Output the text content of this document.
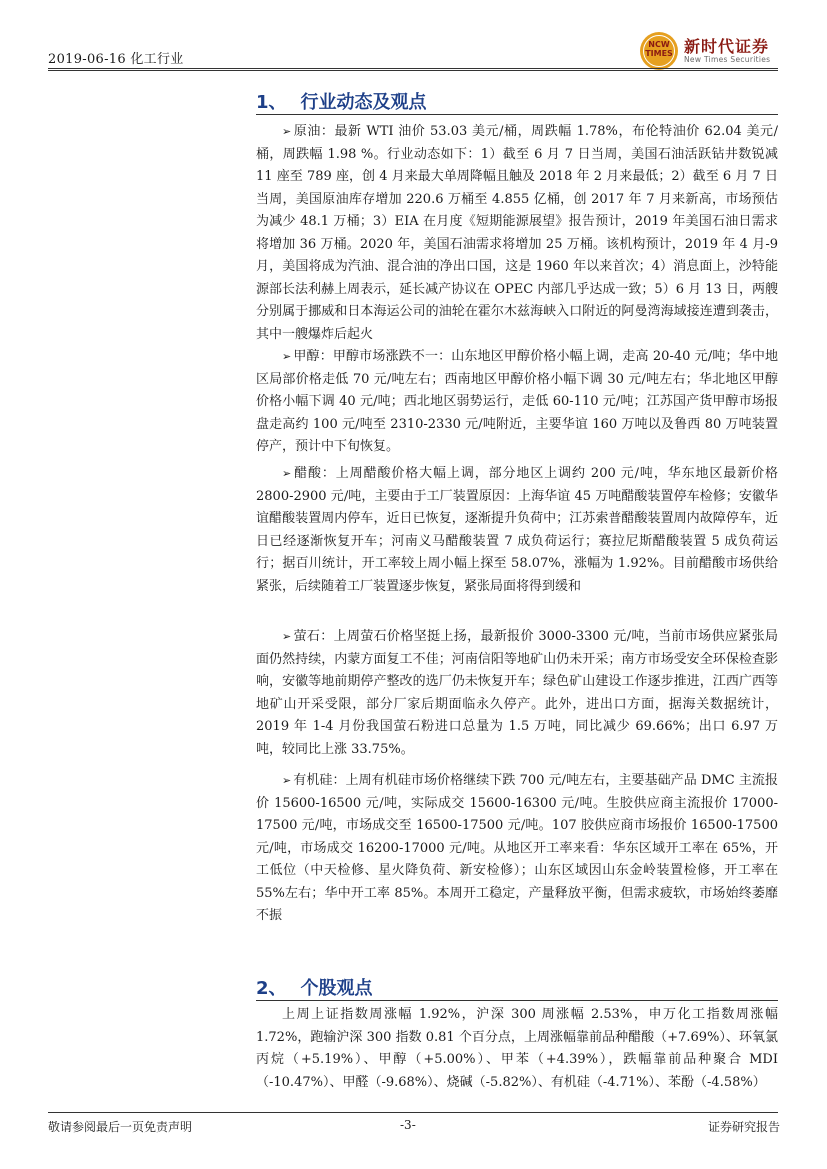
2019-06-16 化工行业
NCW TIMES 新时代证券
New Times Securities
1、 行业动态及观点
➢ 原油：最新 WTI 油价 53.03 美元/桶，周跌幅 1.78%，布伦特油价 62.04 美元/桶，周跌幅 1.98 %。行业动态如下：1）截至 6 月 7 日当周，美国石油活跃钻井数锐减 11 座至 789 座，创 4 月来最大单周降幅且触及 2018 年 2 月来最低；2）截至 6 月 7 日当周，美国原油库存增加 220.6 万桶至 4.855 亿桶，创 2017 年 7 月来新高，市场预估为减少 48.1 万桶；3）EIA 在月度《短期能源展望》报告预计，2019 年美国石油日需求将增加 36 万桶。2020 年，美国石油需求将增加 25 万桶。该机构预计，2019 年 4 月-9 月，美国将成为汽油、混合油的净出口国，这是 1960 年以来首次；4）消息面上，沙特能源部长法利赫上周表示，延长减产协议在 OPEC 内部几乎达成一致；5）6 月 13 日，两艘分别属于挪威和日本海运公司的油轮在霍尔木兹海峡入口附近的阿曼湾海域接连遭到袭击，其中一艘爆炸后起火
➢ 甲醇：甲醇市场涨跌不一：山东地区甲醇价格小幅上调，走高 20-40 元/吨；华中地区局部价格走低 70 元/吨左右；西南地区甲醇价格小幅下调 30 元/吨左右；华北地区甲醇价格小幅下调 40 元/吨；西北地区弱势运行，走低 60-110 元/吨；江苏国产货甲醇市场报盘走高约 100 元/吨至 2310-2330 元/吨附近，主要华谊 160 万吨以及鲁西 80 万吨装置停产，预计中下旬恢复。
➢ 醋酸：上周醋酸价格大幅上调，部分地区上调约 200 元/吨，华东地区最新价格 2800-2900 元/吨，主要由于工厂装置原因：上海华谊 45 万吨醋酸装置停车检修；安徽华谊醋酸装置周内停车，近日已恢复，逐渐提升负荷中；江苏索普醋酸装置周内故障停车，近日已经逐渐恢复开车；河南义马醋酸装置 7 成负荷运行；赛拉尼斯醋酸装置 5 成负荷运行；据百川统计，开工率较上周小幅上探至 58.07%，涨幅为 1.92%。目前醋酸市场供给紧张，后续随着工厂装置逐步恢复，紧张局面将得到缓和
➢ 萤石：上周萤石价格坚挺上扬，最新报价 3000-3300 元/吨，当前市场供应紧张局面仍然持续，内蒙方面复工不佳；河南信阳等地矿山仍未开采；南方市场受安全环保检查影响，安徽等地前期停产整改的选厂仍未恢复开车；绿色矿山建设工作逐步推进，江西广西等地矿山开采受限，部分厂家后期面临永久停产。此外，进出口方面，据海关数据统计，2019 年 1-4 月份我国萤石粉进口总量为 1.5 万吨，同比减少 69.66%；出口 6.97 万吨，较同比上涨 33.75%。
➢ 有机硅：上周有机硅市场价格继续下跌 700 元/吨左右，主要基础产品 DMC 主流报价 15600-16500 元/吨，实际成交 15600-16300 元/吨。生胶供应商主流报价 17000-17500 元/吨，市场成交至 16500-17500 元/吨。107 胶供应商市场报价 16500-17500 元/吨，市场成交 16200-17000 元/吨。从地区开工率来看：华东区域开工率在 65%，开工低位（中天检修、星火降负荷、新安检修）；山东区域因山东金岭装置检修，开工率在 55%左右；华中开工率 85%。本周开工稳定，产量释放平衡，但需求疲软，市场始终萎靡不振
2、 个股观点
上周上证指数周涨幅 1.92%，沪深 300 周涨幅 2.53%，申万化工指数周涨幅 1.72%，跑输沪深 300 指数 0.81 个百分点，上周涨幅靠前品种醋酸（+7.69%）、环氧氯丙烷（+5.19%）、甲醇（+5.00%）、甲苯（+4.39%），跌幅靠前品种聚合 MDI（-10.47%）、甲醛（-9.68%）、烧碱（-5.82%）、有机硅（-4.71%）、苯酚（-4.58%）
敬请参阅最后一页免责声明	-3-	证券研究报告
